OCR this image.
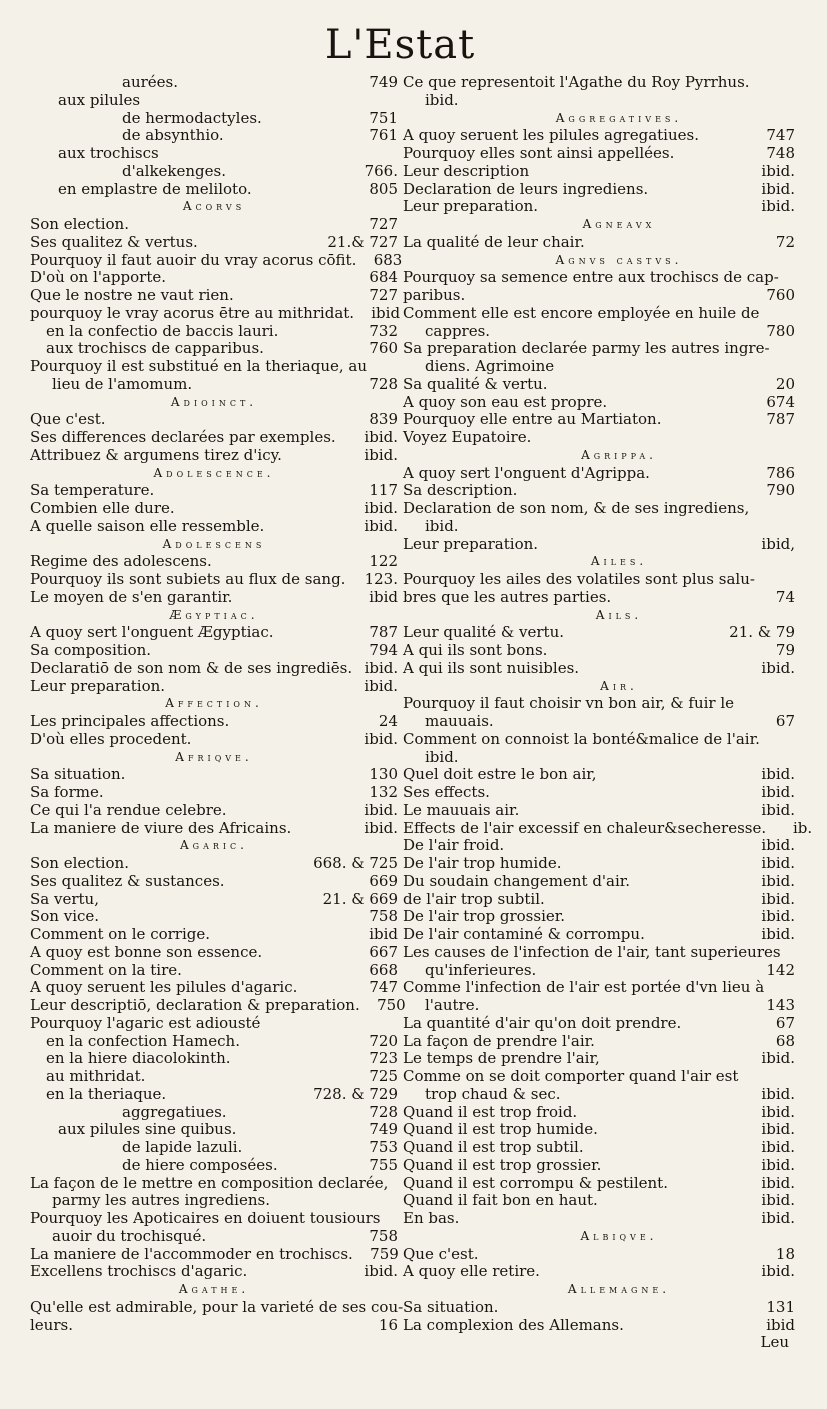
L'Estat
aurées.	749
aux pilules
de hermodactyles.	751
de absynthio.	761
aux trochiscs
d'alkekenges.	766.
en emplastre de meliloto.	805
Acorvs
Son election.	727
Ses qualitez & vertus.	21.& 727
Pourquoy il faut auoir du vray acorus cōfit.	683
D'où on l'apporte.	684
Que le nostre ne vaut rien.	727
pourquoy le vray acorus ētre au mithridat.	ibid
en la confectio de baccis lauri.	732
aux trochiscs de capparibus.	760
Pourquoy il est substitué en la theriaque, au
lieu de l'amomum.	728
Adioinct.
Que c'est.	839
Ses differences declarées par exemples.	ibid.
Attribuez & argumens tirez d'icy.	ibid.
Adolescence.
Sa temperature.	117
Combien elle dure.	ibid.
A quelle saison elle ressemble.	ibid.
Adolescens
Regime des adolescens.	122
Pourquoy ils sont subiets au flux de sang.	123.
Le moyen de s'en garantir.	ibid
Ægyptiac.
A quoy sert l'onguent Ægyptiac.	787
Sa composition.	794
Declaratiō de son nom & de ses ingrediēs. ibid.
Leur preparation.	ibid.
Affection.
Les principales affections.	24
D'où elles procedent.	ibid.
Afriqve.
Sa situation.	130
Sa forme.	132
Ce qui l'a rendue celebre.	ibid.
La maniere de viure des Africains.	ibid.
Agaric.
Son election.	668. & 725
Ses qualitez & sustances.	669
Sa vertu,	21. & 669
Son vice.	758
Comment on le corrige.	ibid
A quoy est bonne son essence.	667
Comment on la tire.	668
A quoy seruent les pilules d'agaric.	747
Leur descriptiō, declaration & preparation.	750
Pourquoy l'agaric est adiousté
en la confection Hamech.	720
en la hiere diacolokinth.	723
au mithridat.	725
en la theriaque.	728. & 729
aggregatiues.	728
aux pilules sine quibus.	749
de lapide lazuli.	753
de hiere composées.	755
La façon de le mettre en composition declarée,
parmy les autres ingrediens.
Pourquoy les Apoticaires en doiuent tousiours
auoir du trochisqué.	758
La maniere de l'accommoder en trochiscs.	759
Excellens trochiscs d'agaric.	ibid.
Agathe.
Qu'elle est admirable, pour la varieté de ses cou-
leurs.	16
Ce que representoit l'Agathe du Roy Pyrrhus.
ibid.
Aggregatives.
A quoy seruent les pilules agregatiues.	747
Pourquoy elles sont ainsi appellées.	748
Leur description	ibid.
Declaration de leurs ingrediens.	ibid.
Leur preparation.	ibid.
Agneavx
La qualité de leur chair.	72
Agnvs castvs.
Pourquoy sa semence entre aux trochiscs de cap-
paribus.	760
Comment elle est encore employée en huile de
cappres.	780
Sa preparation declarée parmy les autres ingre-
diens. Agrimoine
Sa qualité & vertu.	20
A quoy son eau est propre.	674
Pourquoy elle entre au Martiaton.	787
Voyez Eupatoire.
Agrippa.
A quoy sert l'onguent d'Agrippa.	786
Sa description.	790
Declaration de son nom, & de ses ingrediens,
ibid.
Leur preparation.	ibid,
Ailes.
Pourquoy les ailes des volatiles sont plus salu-
bres que les autres parties.	74
Ails.
Leur qualité & vertu.	21. & 79
A qui ils sont bons.	79
A qui ils sont nuisibles.	ibid.
Air.
Pourquoy il faut choisir vn bon air, & fuir le
mauuais.	67
Comment on connoist la bonté&malice de l'air.
ibid.
Quel doit estre le bon air,	ibid.
Ses effects.	ibid.
Le mauuais air.	ibid.
Effects de l'air excessif en chaleur&secheresse.	ib.
De l'air froid.	ibid.
De l'air trop humide.	ibid.
Du soudain changement d'air.	ibid.
de l'air trop subtil.	ibid.
De l'air trop grossier.	ibid.
De l'air contaminé & corrompu.	ibid.
Les causes de l'infection de l'air, tant superieures
qu'inferieures.	142
Comme l'infection de l'air est portée d'vn lieu à
l'autre.	143
La quantité d'air qu'on doit prendre.	67
La façon de prendre l'air.	68
Le temps de prendre l'air,	ibid.
Comme on se doit comporter quand l'air est
trop chaud & sec.	ibid.
Quand il est trop froid.	ibid.
Quand il est trop humide.	ibid.
Quand il est trop subtil.	ibid.
Quand il est trop grossier.	ibid.
Quand il est corrompu & pestilent.	ibid.
Quand il fait bon en haut.	ibid.
En bas.	ibid.
Albiqve.
Que c'est.	18
A quoy elle retire.	ibid.
Allemagne.
Sa situation.	131
La complexion des Allemans.	ibid
Leu
